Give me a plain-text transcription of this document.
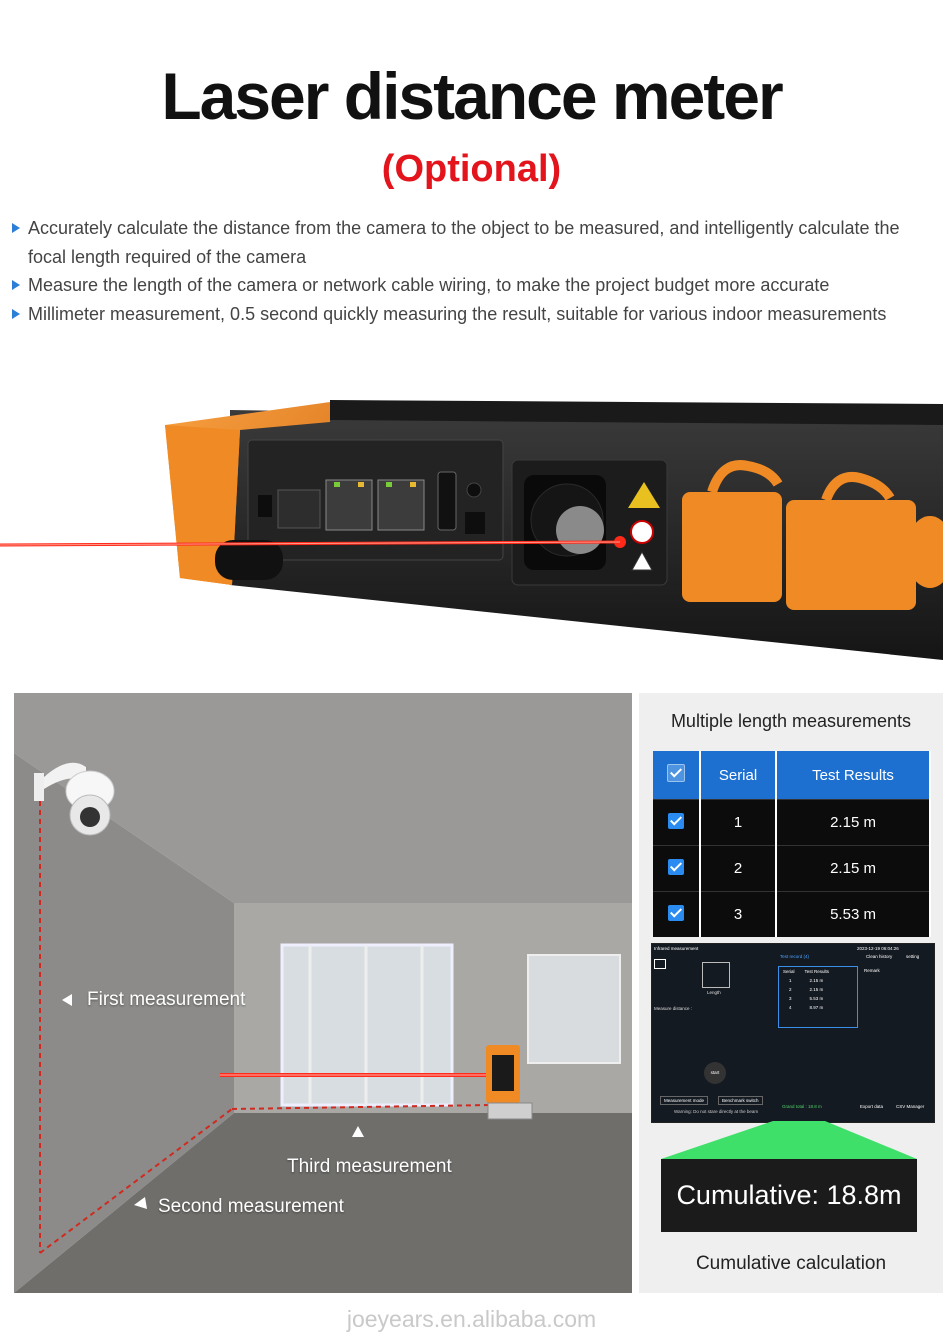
Laser distance meter
(Optional)
Accurately calculate the distance from the camera to the object to be measured, and intelligently calculate the focal length required of the camera
Measure the length of the camera or network cable wiring, to make the project budget more accurate
Millimeter measurement, 0.5 second quickly measuring the result, suitable for various indoor measurements
First measurement
Third measurement
Second measurement
Multiple length measurements
	Serial	Test Results
	1	2.15 m
	2	2.15 m
	3	5.53 m
Infrared measurement	2023-12-19 06:04:26
Length
Measure distance :
start
Measurement mode	Benchmark switch
Warning: Do not stare directly at the beam
Test record (4)	Clean history	setting
Serial Test Results
1	2.15 m
2	2.15 m
3	5.53 m
4	8.97 m
Remark
Grand total : 18.8 m	Export data	CSV Manager
Cumulative: 18.8m
Cumulative calculation
joeyears.en.alibaba.com
